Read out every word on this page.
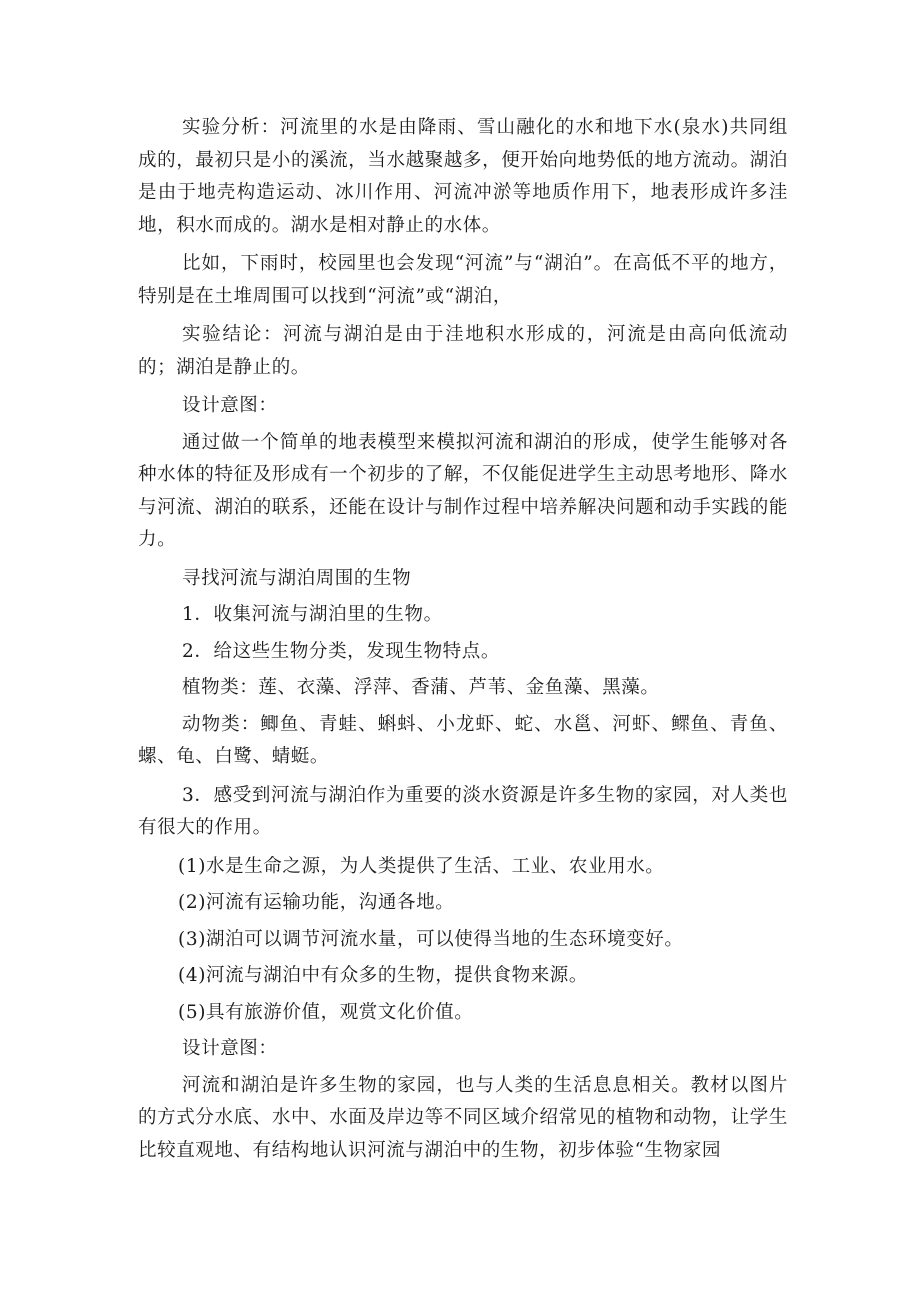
实验分析：河流里的水是由降雨、雪山融化的水和地下水(泉水)共同组成的，最初只是小的溪流，当水越聚越多，便开始向地势低的地方流动。湖泊是由于地壳构造运动、冰川作用、河流冲淤等地质作用下，地表形成许多洼地，积水而成的。湖水是相对静止的水体。

比如，下雨时，校园里也会发现“河流”与“湖泊”。在高低不平的地方，特别是在土堆周围可以找到“河流”或“湖泊，

实验结论：河流与湖泊是由于洼地积水形成的，河流是由高向低流动的；湖泊是静止的。

设计意图：

通过做一个简单的地表模型来模拟河流和湖泊的形成，使学生能够对各种水体的特征及形成有一个初步的了解，不仅能促进学生主动思考地形、降水与河流、湖泊的联系，还能在设计与制作过程中培养解决问题和动手实践的能力。

寻找河流与湖泊周围的生物

1．收集河流与湖泊里的生物。

2．给这些生物分类，发现生物特点。

植物类：莲、衣藻、浮萍、香蒲、芦苇、金鱼藻、黑藻。

动物类：鲫鱼、青蛙、蝌蚪、小龙虾、蛇、水邕、河虾、鳏鱼、青鱼、螺、龟、白鹭、蜻蜓。

3．感受到河流与湖泊作为重要的淡水资源是许多生物的家园，对人类也有很大的作用。

(1)水是生命之源，为人类提供了生活、工业、农业用水。

(2)河流有运输功能，沟通各地。

(3)湖泊可以调节河流水量，可以使得当地的生态环境变好。

(4)河流与湖泊中有众多的生物，提供食物来源。

(5)具有旅游价值，观赏文化价值。

设计意图：

河流和湖泊是许多生物的家园，也与人类的生活息息相关。教材以图片的方式分水底、水中、水面及岸边等不同区域介绍常见的植物和动物，让学生比较直观地、有结构地认识河流与湖泊中的生物，初步体验“生物家园
